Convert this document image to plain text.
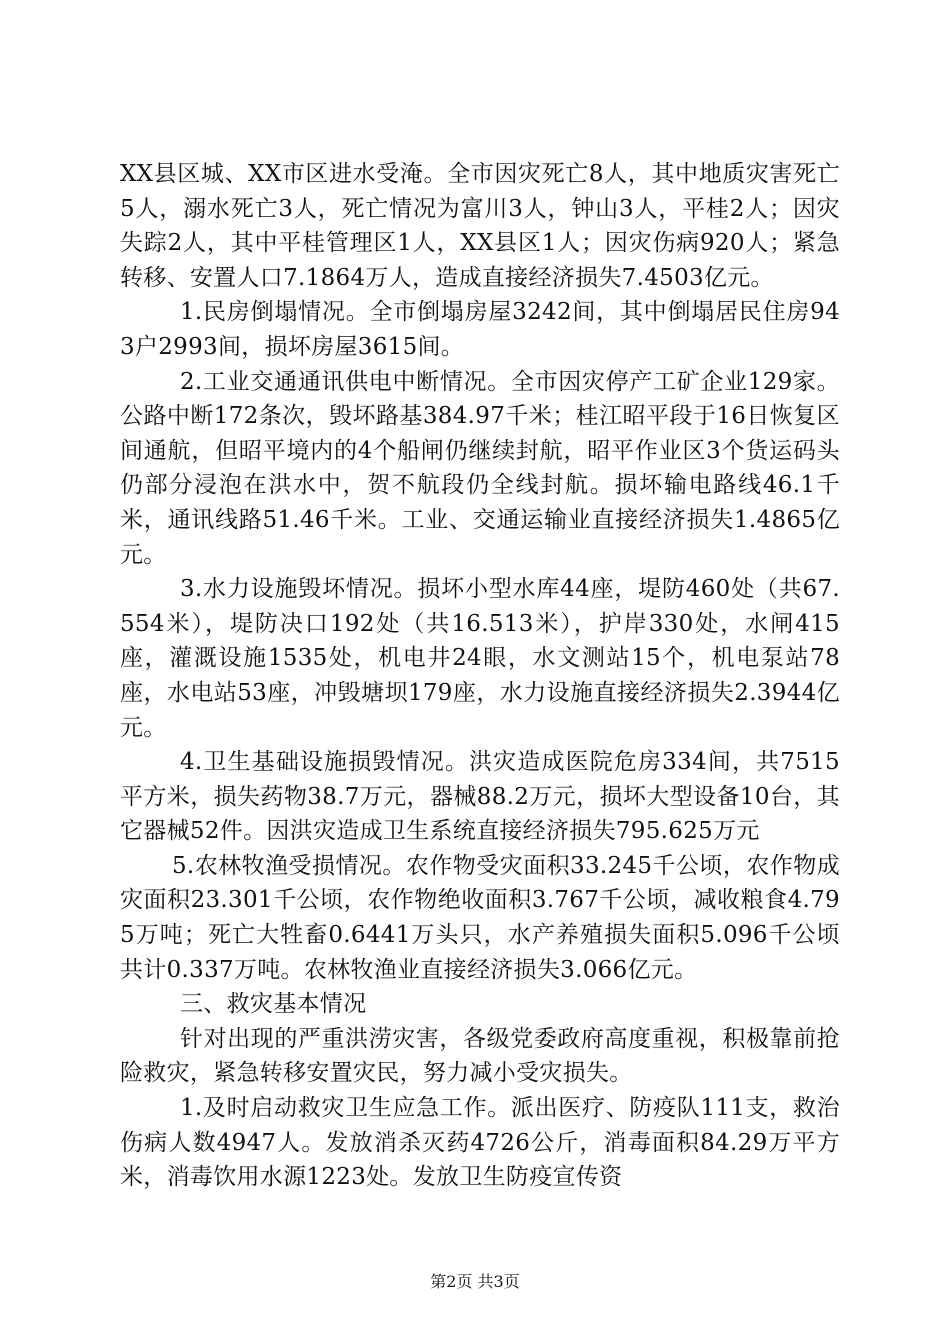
XX县区城、XX市区进水受淹。全市因灾死亡8人，其中地质灾害死亡5人，溺水死亡3人，死亡情况为富川3人，钟山3人，平桂2人；因灾失踪2人，其中平桂管理区1人，XX县区1人；因灾伤病920人；紧急转移、安置人口7.1864万人，造成直接经济损失7.4503亿元。

1.民房倒塌情况。全市倒塌房屋3242间，其中倒塌居民住房943户2993间，损坏房屋3615间。

2.工业交通通讯供电中断情况。全市因灾停产工矿企业129家。公路中断172条次，毁坏路基384.97千米；桂江昭平段于16日恢复区间通航，但昭平境内的4个船闸仍继续封航，昭平作业区3个货运码头仍部分浸泡在洪水中，贺不航段仍全线封航。损坏输电路线46.1千米，通讯线路51.46千米。工业、交通运输业直接经济损失1.4865亿元。

3.水力设施毁坏情况。损坏小型水库44座，堤防460处（共67.554米），堤防决口192处（共16.513米），护岸330处，水闸415座，灌溉设施1535处，机电井24眼，水文测站15个，机电泵站78座，水电站53座，冲毁塘坝179座，水力设施直接经济损失2.3944亿元。

4.卫生基础设施损毁情况。洪灾造成医院危房334间，共7515平方米，损失药物38.7万元，器械88.2万元，损坏大型设备10台，其它器械52件。因洪灾造成卫生系统直接经济损失795.625万元

5.农林牧渔受损情况。农作物受灾面积33.245千公顷，农作物成灾面积23.301千公顷，农作物绝收面积3.767千公顷，减收粮食4.795万吨；死亡大牲畜0.6441万头只，水产养殖损失面积5.096千公顷共计0.337万吨。农林牧渔业直接经济损失3.066亿元。

三、救灾基本情况

针对出现的严重洪涝灾害，各级党委政府高度重视，积极靠前抢险救灾，紧急转移安置灾民，努力减小受灾损失。

1.及时启动救灾卫生应急工作。派出医疗、防疫队111支，救治伤病人数4947人。发放消杀灭药4726公斤，消毒面积84.29万平方米，消毒饮用水源1223处。发放卫生防疫宣传资

第2页 共3页
